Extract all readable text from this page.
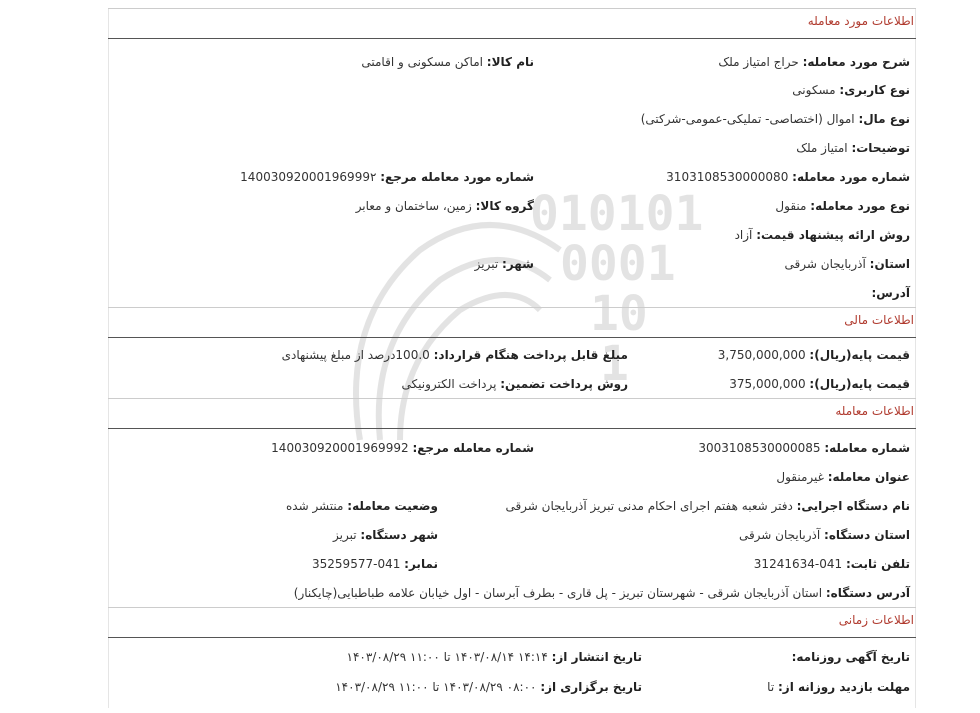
010101
0001
10
1
اطلاعات مورد معامله
شرح مورد معامله: حراج امتیاز ملک
نام کالا: اماکن مسکونی و اقامتی
نوع کاربری: مسکونی
نوع مال: اموال (اختصاصی- تملیکی-عمومی-شرکتی)
توضیحات: امتیاز ملک
شماره مورد معامله: 3103108530000080
شماره مورد معامله مرجع: 14003092000196999۲
نوع مورد معامله: منقول
گروه کالا: زمین، ساختمان و معابر
روش ارائه پیشنهاد قیمت: آزاد
استان: آذربایجان شرقی
شهر: تبریز
آدرس:
اطلاعات مالی
قیمت پایه(ریال): 3,750,000,000
مبلغ قابل پرداخت هنگام قرارداد: 100.0درصد از مبلغ پیشنهادی
قیمت پایه(ریال): 375,000,000
روش پرداخت تضمین: پرداخت الکترونیکی
اطلاعات معامله
شماره معامله: 3003108530000085
شماره معامله مرجع: 140030920001969992
عنوان معامله: غیرمنقول
نام دستگاه اجرایی: دفتر شعبه هفتم اجرای احکام مدنی تبریز آذربایجان شرقی
وضعیت معامله: منتشر شده
استان دستگاه: آذربایجان شرقی
شهر دستگاه: تبریز
تلفن ثابت: 041-31241634
نمابر: 041-35259577
آدرس دستگاه: استان آذربایجان شرقی - شهرستان تبریز - پل قاری - بطرف آبرسان - اول خیابان علامه طباطبایی(چایکنار)
اطلاعات زمانی
تاریخ آگهی روزنامه:
تاریخ انتشار از: ۱۴:۱۴ ۱۴۰۳/۰۸/۱۴ تا ۱۱:۰۰ ۱۴۰۳/۰۸/۲۹
مهلت بازدید روزانه از: تا
تاریخ برگزاری از: ۰۸:۰۰ ۱۴۰۳/۰۸/۲۹ تا ۱۱:۰۰ ۱۴۰۳/۰۸/۲۹
